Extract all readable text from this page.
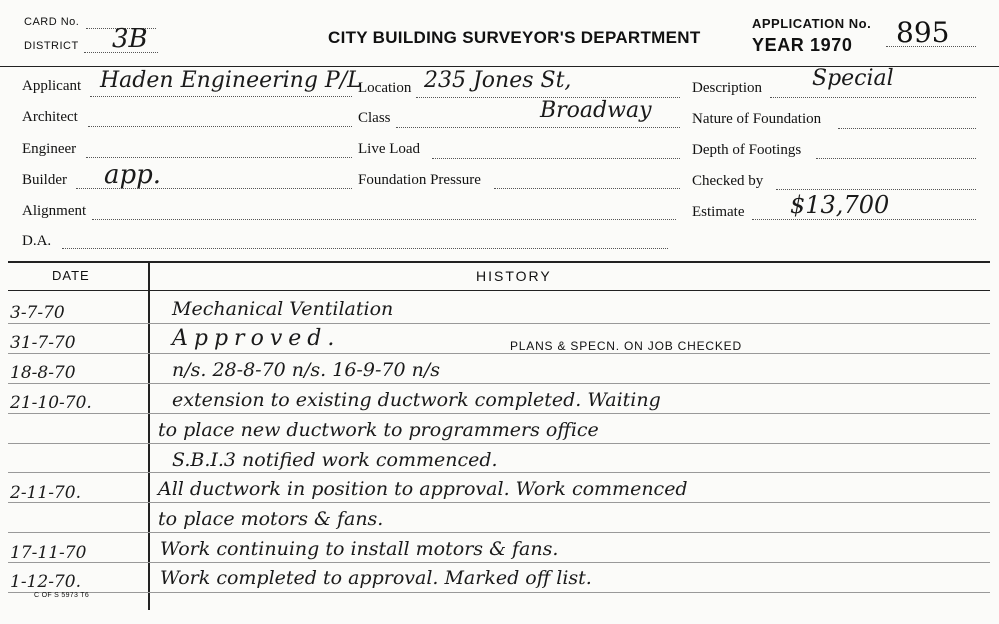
CARD No.
DISTRICT 3B	CITY BUILDING SURVEYOR'S DEPARTMENT
APPLICATION No.
YEAR 1970 895
Applicant Haden Engineering P/L
Architect
Engineer
Builder app.
Alignment
D.A.
Location 235 Jones St,
Class	Broadway
Live Load
Foundation Pressure
Description Special
Nature of Foundation
Depth of Footings
Checked by
Estimate $13,700
DATE	HISTORY
3-7-70	Mechanical Ventilation
31-7-70	Approved.	PLANS & SPECN. ON JOB CHECKED
18-8-70	n/s. 28-8-70 n/s. 16-9-70 n/s
21-10-70.	extension to existing ductwork completed. Waiting
to place new ductwork to programmers office
S.B.I.3 notified work commenced.
2-11-70.	All ductwork in position to approval. Work commenced
to place motors & fans.
17-11-70	Work continuing to install motors & fans.
1-12-70.	Work completed to approval. Marked off list.
C OF S 5973 T6
